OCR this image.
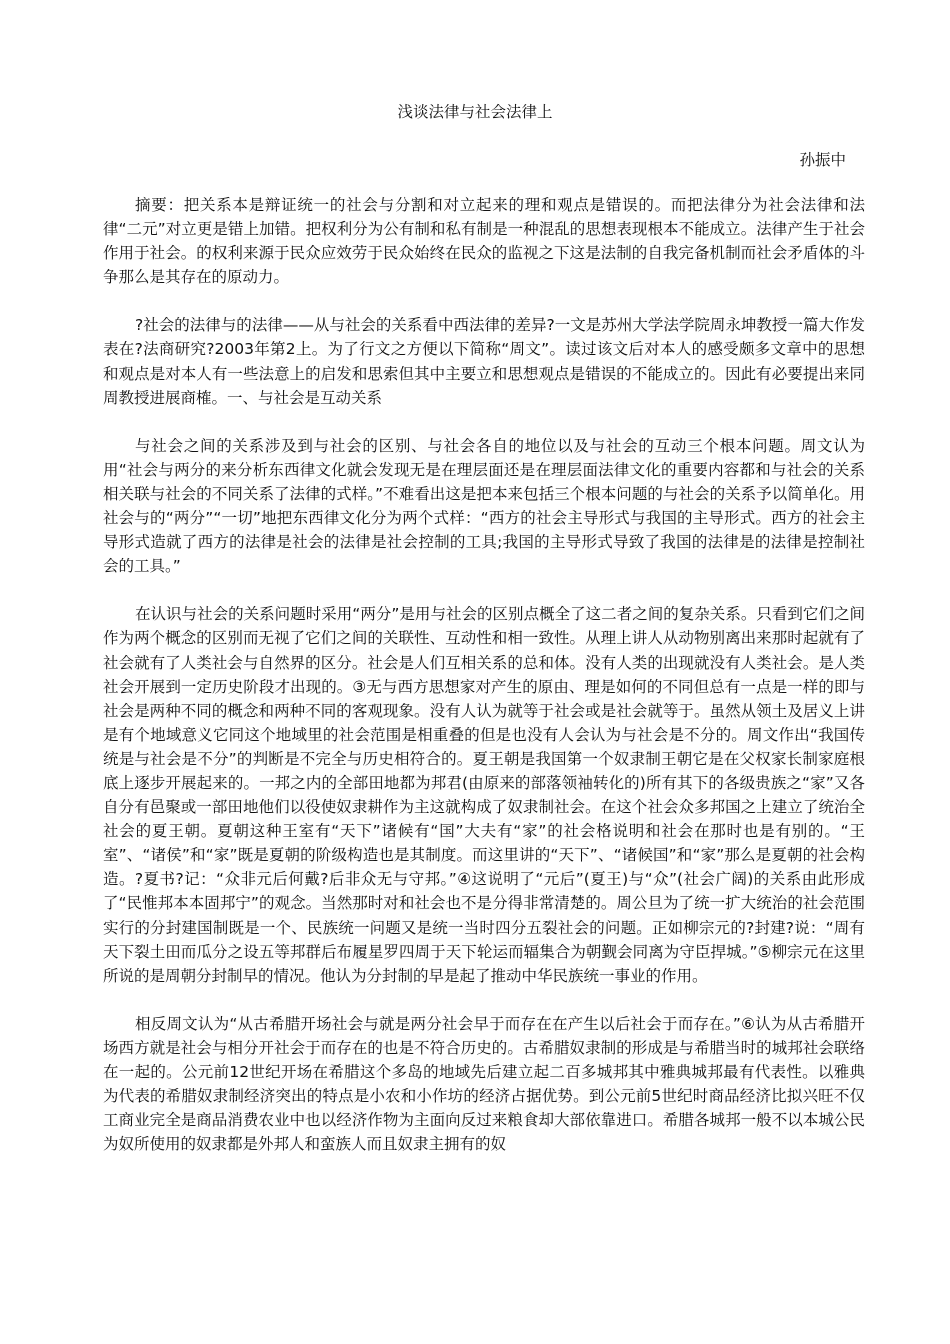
浅谈法律与社会法律上
孙振中

摘要：把关系本是辩证统一的社会与分割和对立起来的理和观点是错误的。而把法律分为社会法律和法律“二元”对立更是错上加错。把权利分为公有制和私有制是一种混乱的思想表现根本不能成立。法律产生于社会作用于社会。的权利来源于民众应效劳于民众始终在民众的监视之下这是法制的自我完备机制而社会矛盾体的斗争那么是其存在的原动力。

?社会的法律与的法律——从与社会的关系看中西法律的差异?一文是苏州大学法学院周永坤教授一篇大作发表在?法商研究?2003年第2上。为了行文之方便以下简称“周文”。读过该文后对本人的感受颇多文章中的思想和观点是对本人有一些法意上的启发和思索但其中主要立和思想观点是错误的不能成立的。因此有必要提出来同周教授进展商榷。一、与社会是互动关系

与社会之间的关系涉及到与社会的区别、与社会各自的地位以及与社会的互动三个根本问题。周文认为用“社会与两分的来分析东西律文化就会发现无是在理层面还是在理层面法律文化的重要内容都和与社会的关系相关联与社会的不同关系了法律的式样。”不难看出这是把本来包括三个根本问题的与社会的关系予以简单化。用社会与的“两分”“一切”地把东西律文化分为两个式样：“西方的社会主导形式与我国的主导形式。西方的社会主导形式造就了西方的法律是社会的法律是社会控制的工具;我国的主导形式导致了我国的法律是的法律是控制社会的工具。”

在认识与社会的关系问题时采用“两分”是用与社会的区别点概全了这二者之间的复杂关系。只看到它们之间作为两个概念的区别而无视了它们之间的关联性、互动性和相一致性。从理上讲人从动物别离出来那时起就有了社会就有了人类社会与自然界的区分。社会是人们互相关系的总和体。没有人类的出现就没有人类社会。是人类社会开展到一定历史阶段才出现的。③无与西方思想家对产生的原由、理是如何的不同但总有一点是一样的即与社会是两种不同的概念和两种不同的客观现象。没有人认为就等于社会或是社会就等于。虽然从领土及居义上讲是有个地域意义它同这个地域里的社会范围是相重叠的但是也没有人会认为与社会是不分的。周文作出“我国传统是与社会是不分”的判断是不完全与历史相符合的。夏王朝是我国第一个奴隶制王朝它是在父权家长制家庭根底上逐步开展起来的。一邦之内的全部田地都为邦君(由原来的部落领袖转化的)所有其下的各级贵族之“家”又各自分有邑聚或一部田地他们以役使奴隶耕作为主这就构成了奴隶制社会。在这个社会众多邦国之上建立了统治全社会的夏王朝。夏朝这种王室有“天下”诸候有“国”大夫有“家”的社会格说明和社会在那时也是有别的。“王室”、“诸侯”和“家”既是夏朝的阶级构造也是其制度。而这里讲的“天下”、“诸候国”和“家”那么是夏朝的社会构造。?夏书?记：“众非元后何戴?后非众无与守邦。”④这说明了“元后”(夏王)与“众”(社会广阔)的关系由此形成了“民惟邦本本固邦宁”的观念。当然那时对和社会也不是分得非常清楚的。周公旦为了统一扩大统治的社会范围实行的分封建国制既是一个、民族统一问题又是统一当时四分五裂社会的问题。正如柳宗元的?封建?说：“周有天下裂土田而瓜分之设五等邦群后布履星罗四周于天下轮运而辐集合为朝觐会同离为守臣捍城。”⑤柳宗元在这里所说的是周朝分封制早的情况。他认为分封制的早是起了推动中华民族统一事业的作用。

相反周文认为“从古希腊开场社会与就是两分社会早于而存在在产生以后社会于而存在。”⑥认为从古希腊开场西方就是社会与相分开社会于而存在的也是不符合历史的。古希腊奴隶制的形成是与希腊当时的城邦社会联络在一起的。公元前12世纪开场在希腊这个多岛的地域先后建立起二百多城邦其中雅典城邦最有代表性。以雅典为代表的希腊奴隶制经济突出的特点是小农和小作坊的经济占据优势。到公元前5世纪时商品经济比拟兴旺不仅工商业完全是商品消费农业中也以经济作物为主面向反过来粮食却大部依靠进口。希腊各城邦一般不以本城公民为奴所使用的奴隶都是外邦人和蛮族人而且奴隶主拥有的奴
